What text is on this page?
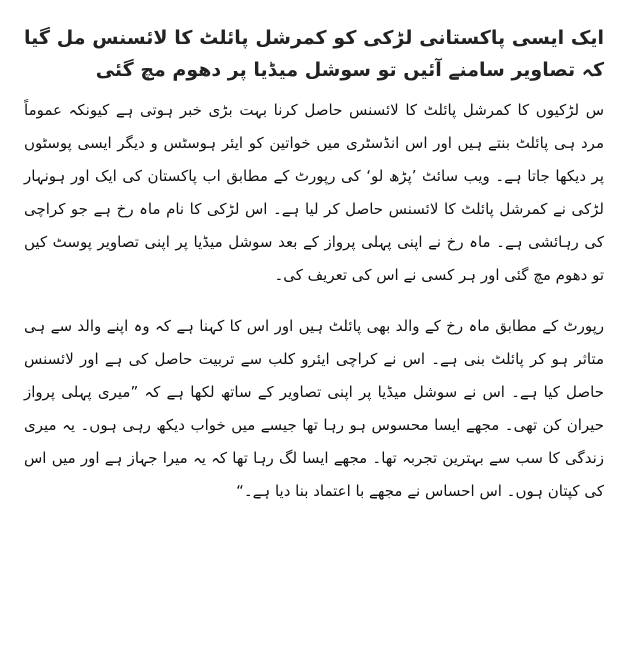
ایک ایسی پاکستانی لڑکی کو کمرشل پائلٹ کا لائسنس مل گیا کہ تصاویر سامنے آئیں تو سوشل میڈیا پر دھوم مچ گئی

س لڑکیوں کا کمرشل پائلٹ کا لائسنس حاصل کرنا بہت بڑی خبر ہوتی ہے کیونکہ عموماً مرد ہی پائلٹ بنتے ہیں اور اس انڈسٹری میں خواتین کو ایئر ہوسٹس و دیگر ایسی پوسٹوں پر دیکھا جاتا ہے۔ ویب سائٹ ’پڑھ لو‘ کی رپورٹ کے مطابق اب پاکستان کی ایک اور ہونہار لڑکی نے کمرشل پائلٹ کا لائسنس حاصل کر لیا ہے۔ اس لڑکی کا نام ماہ رخ ہے جو کراچی کی رہائشی ہے۔ ماہ رخ نے اپنی پہلی پرواز کے بعد سوشل میڈیا پر اپنی تصاویر پوسٹ کیں تو دھوم مچ گئی اور ہر کسی نے اس کی تعریف کی۔

رپورٹ کے مطابق ماہ رخ کے والد بھی پائلٹ ہیں اور اس کا کہنا ہے کہ وہ اپنے والد سے ہی متاثر ہو کر پائلٹ بنی ہے۔ اس نے کراچی ایئرو کلب سے تربیت حاصل کی ہے اور لائسنس حاصل کیا ہے۔ اس نے سوشل میڈیا پر اپنی تصاویر کے ساتھ لکھا ہے کہ ”میری پہلی پرواز حیران کن تھی۔ مجھے ایسا محسوس ہو رہا تھا جیسے میں خواب دیکھ رہی ہوں۔ یہ میری زندگی کا سب سے بہترین تجربہ تھا۔ مجھے ایسا لگ رہا تھا کہ یہ میرا جہاز ہے اور میں اس کی کپتان ہوں۔ اس احساس نے مجھے با اعتماد بنا دیا ہے۔“
